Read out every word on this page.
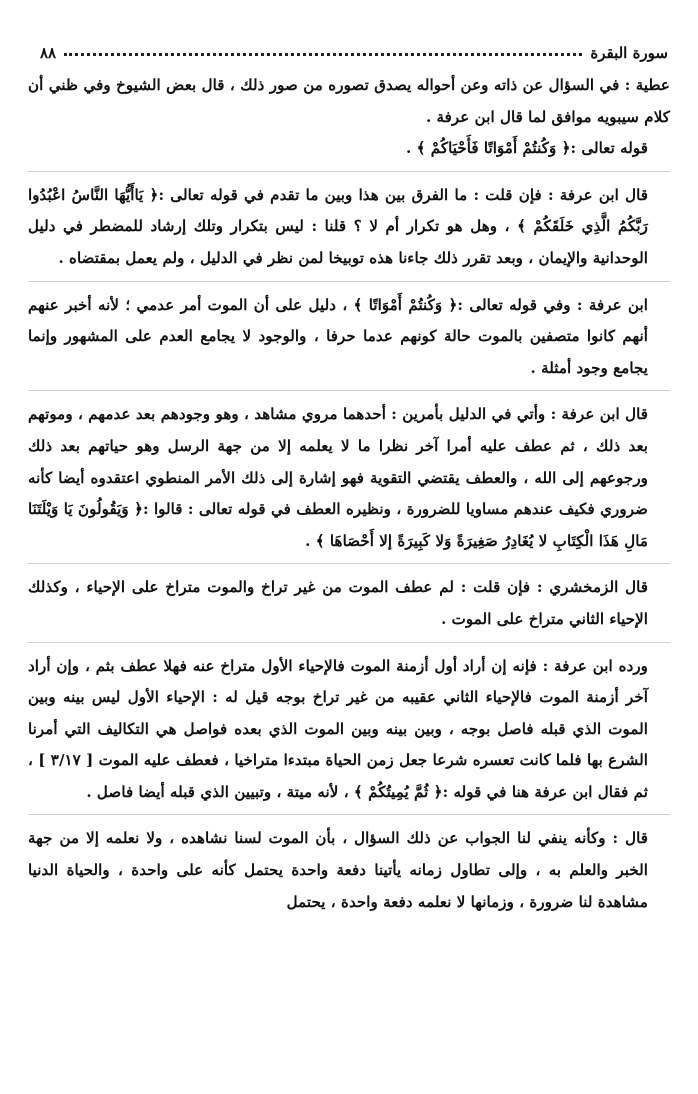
سورة البقرة
٨٨

عطية : في السؤال عن ذاته وعن أحواله يصدق تصوره من صور ذلك ، قال بعض الشيوخ وفي ظني أن كلام سيبويه موافق لما قال ابن عرفة .

قوله تعالى :﴿ وَكُنتُمْ أَمْوَاتًا فَأَحْيَاكُمْ ﴾ .

قال ابن عرفة : فإن قلت : ما الفرق بين هذا وبين ما تقدم في قوله تعالى :﴿ يَاأَيُّهَا النَّاسُ اعْبُدُوا رَبَّكُمُ الَّذِي خَلَقَكُمْ ﴾ ، وهل هو تكرار أم لا ؟ قلنا : ليس بتكرار وتلك إرشاد للمضطر في دليل الوحدانية والإيمان ، وبعد تقرر ذلك جاءنا هذه توبيخا لمن نظر في الدليل ، ولم يعمل بمقتضاه .

ابن عرفة : وفي قوله تعالى :﴿ وَكُنتُمْ أَمْوَاتًا ﴾ ، دليل على أن الموت أمر عدمي ؛ لأنه أخبر عنهم أنهم كانوا متصفين بالموت حالة كونهم عدما حرفا ، والوجود لا يجامع العدم على المشهور وإنما يجامع وجود أمثلة .

قال ابن عرفة : وأتي في الدليل بأمرين : أحدهما مروي مشاهد ، وهو وجودهم بعد عدمهم ، وموتهم بعد ذلك ، ثم عطف عليه أمرا آخر نظرا ما لا يعلمه إلا من جهة الرسل وهو حياتهم بعد ذلك ورجوعهم إلى الله ، والعطف يقتضي التقوية فهو إشارة إلى ذلك الأمر المنطوي اعتقدوه أيضا كأنه ضروري فكيف عندهم مساويا للضرورة ، ونظيره العطف في قوله تعالى : قالوا :﴿ وَيَقُولُونَ يَا وَيْلَتَنَا مَالِ هَذَا الْكِتَابِ لا يُغَادِرُ صَغِيرَةً وَلا كَبِيرَةً إلا أَحْصَاهَا ﴾ .

قال الزمخشري : فإن قلت : لم عطف الموت من غير تراخ والموت متراخ على الإحياء ، وكذلك الإحياء الثاني متراخ على الموت .

ورده ابن عرفة : فإنه إن أراد أول أزمنة الموت فالإحياء الأول متراخ عنه فهلا عطف بثم ، وإن أراد آخر أزمنة الموت فالإحياء الثاني عقيبه من غير تراخ بوجه قيل له : الإحياء الأول ليس بينه وبين الموت الذي قبله فاصل بوجه ، وبين بينه وبين الموت الذي بعده فواصل هي التكاليف التي أمرنا الشرع بها فلما كانت تعسره شرعا جعل زمن الحياة مبتدءا متراخيا ، فعطف عليه الموت [ ٣/١٧ ] ، ثم فقال ابن عرفة هنا في قوله :﴿ ثُمَّ يُمِيتُكُمْ ﴾ ، لأنه ميتة ، وتبيين الذي قبله أيضا فاصل .

قال : وكأنه ينفي لنا الجواب عن ذلك السؤال ، بأن الموت لسنا نشاهده ، ولا نعلمه إلا من جهة الخبر والعلم به ، وإلى تطاول زمانه يأتينا دفعة واحدة يحتمل كأنه على واحدة ، والحياة الدنيا مشاهدة لنا ضرورة ، وزمانها لا نعلمه دفعة واحدة ، يحتمل
